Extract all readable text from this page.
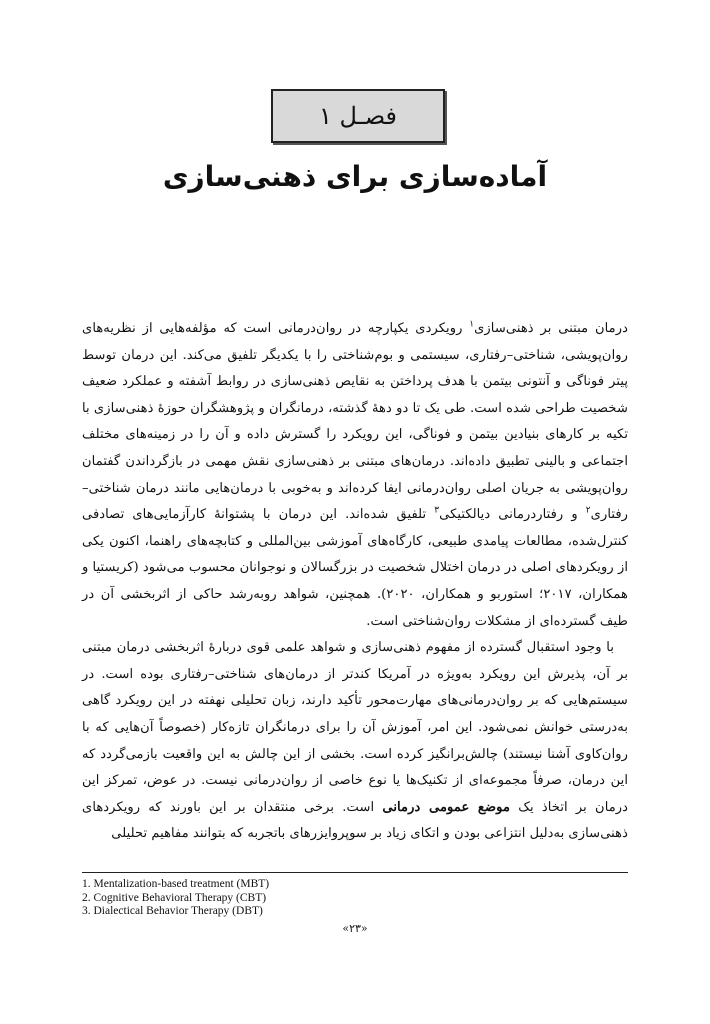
فصـل ۱
آماده‌سازی برای ذهنی‌سازی

درمان مبتنی بر ذهنی‌سازی$^۱$ رویکردی یکپارچه در روان‌درمانی است که مؤلفه‌هایی از نظریه‌های روان‌پویشی، شناختی–رفتاری، سیستمی و بوم‌شناختی را با یکدیگر تلفیق می‌کند. این درمان توسط پیتر فوناگی و آنتونی بیتمن با هدف پرداختن به نقایص ذهنی‌سازی در روابط آشفته و عملکرد ضعیف شخصیت طراحی شده است. طی یک تا دو دهۀ گذشته، درمانگران و پژوهشگران حوزۀ ذهنی‌سازی با تکیه بر کارهای بنیادین بیتمن و فوناگی، این رویکرد را گسترش داده و آن را در زمینه‌های مختلف اجتماعی و بالینی تطبیق داده‌اند. درمان‌های مبتنی بر ذهنی‌سازی نقش مهمی در بازگرداندن گفتمان روان‌پویشی به جریان اصلی روان‌درمانی ایفا کرده‌اند و به‌خوبی با درمان‌هایی مانند درمان شناختی–رفتاری$^۲$ و رفتاردرمانی دیالکتیکی$^۳$ تلفیق شده‌اند. این درمان با پشتوانۀ کارآزمایی‌های تصادفی کنترل‌شده، مطالعات پیامدی طبیعی، کارگاه‌های آموزشی بین‌المللی و کتابچه‌های راهنما، اکنون یکی از رویکردهای اصلی در درمان اختلال شخصیت در بزرگسالان و نوجوانان محسوب می‌شود (کریستیا و همکاران، ۲۰۱۷؛ استوربو و همکاران، ۲۰۲۰). همچنین، شواهد روبه‌رشد حاکی از اثربخشی آن در طیف گسترده‌ای از مشکلات روان‌شناختی است.

با وجود استقبال گسترده از مفهوم ذهنی‌سازی و شواهد علمی قوی دربارۀ اثربخشی درمان مبتنی بر آن، پذیرش این رویکرد به‌ویژه در آمریکا کندتر از درمان‌های شناختی–رفتاری بوده است. در سیستم‌هایی که بر روان‌درمانی‌های مهارت‌محور تأکید دارند، زبان تحلیلی نهفته در این رویکرد گاهی به‌درستی خوانش نمی‌شود. این امر، آموزش آن را برای درمانگران تازه‌کار (خصوصاً آن‌هایی که با روان‌کاوی آشنا نیستند) چالش‌برانگیز کرده است. بخشی از این چالش به این واقعیت بازمی‌گردد که این درمان، صرفاً مجموعه‌ای از تکنیک‌ها یا نوع خاصی از روان‌درمانی نیست. در عوض، تمرکز این درمان بر اتخاذ یک موضع عمومی درمانی است. برخی منتقدان بر این باورند که رویکردهای ذهنی‌سازی به‌دلیل انتزاعی بودن و اتکای زیاد بر سوپروایزرهای باتجربه که بتوانند مفاهیم تحلیلی

1. Mentalization-based treatment (MBT)
2. Cognitive Behavioral Therapy (CBT)
3. Dialectical Behavior Therapy (DBT)
«۲۳»
